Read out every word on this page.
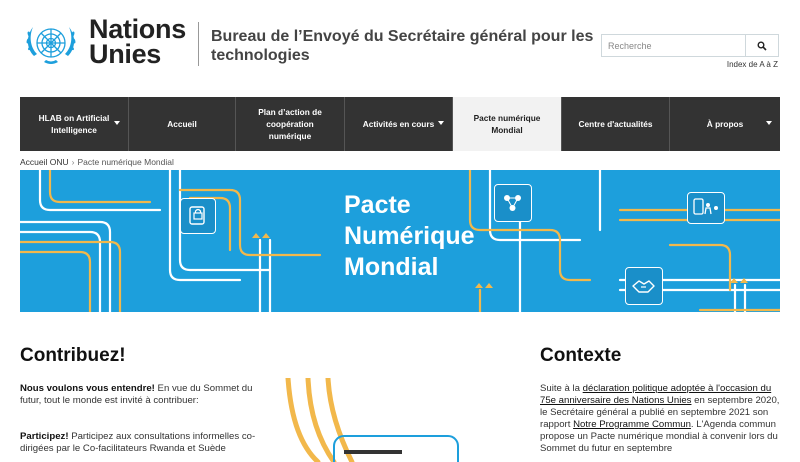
Nations
Unies
Bureau de l’Envoyé du Secrétaire général pour les technologies
Recherche
Index de A à Z
HLAB on Artificial Intelligence
Accueil
Plan d’action de coopération numérique
Activités en cours
Pacte numérique Mondial
Centre d'actualités	À propos
Accueil ONU › Pacte numérique Mondial
Pacte
Numérique
Mondial
Contribuez!
Nous voulons vous entendre! En vue du Sommet du futur, tout le monde est invité à contribuer:
Participez! Participez aux consultations informelles co-dirigées par le Co-facilitateurs Rwanda et Suède
Contexte
Suite à la déclaration politique adoptée à l'occasion du 75e anniversaire des Nations Unies en septembre 2020, le Secrétaire général a publié en septembre 2021 son rapport Notre Programme Commun. L'Agenda commun propose un Pacte numérique mondial à convenir lors du Sommet du futur en septembre
